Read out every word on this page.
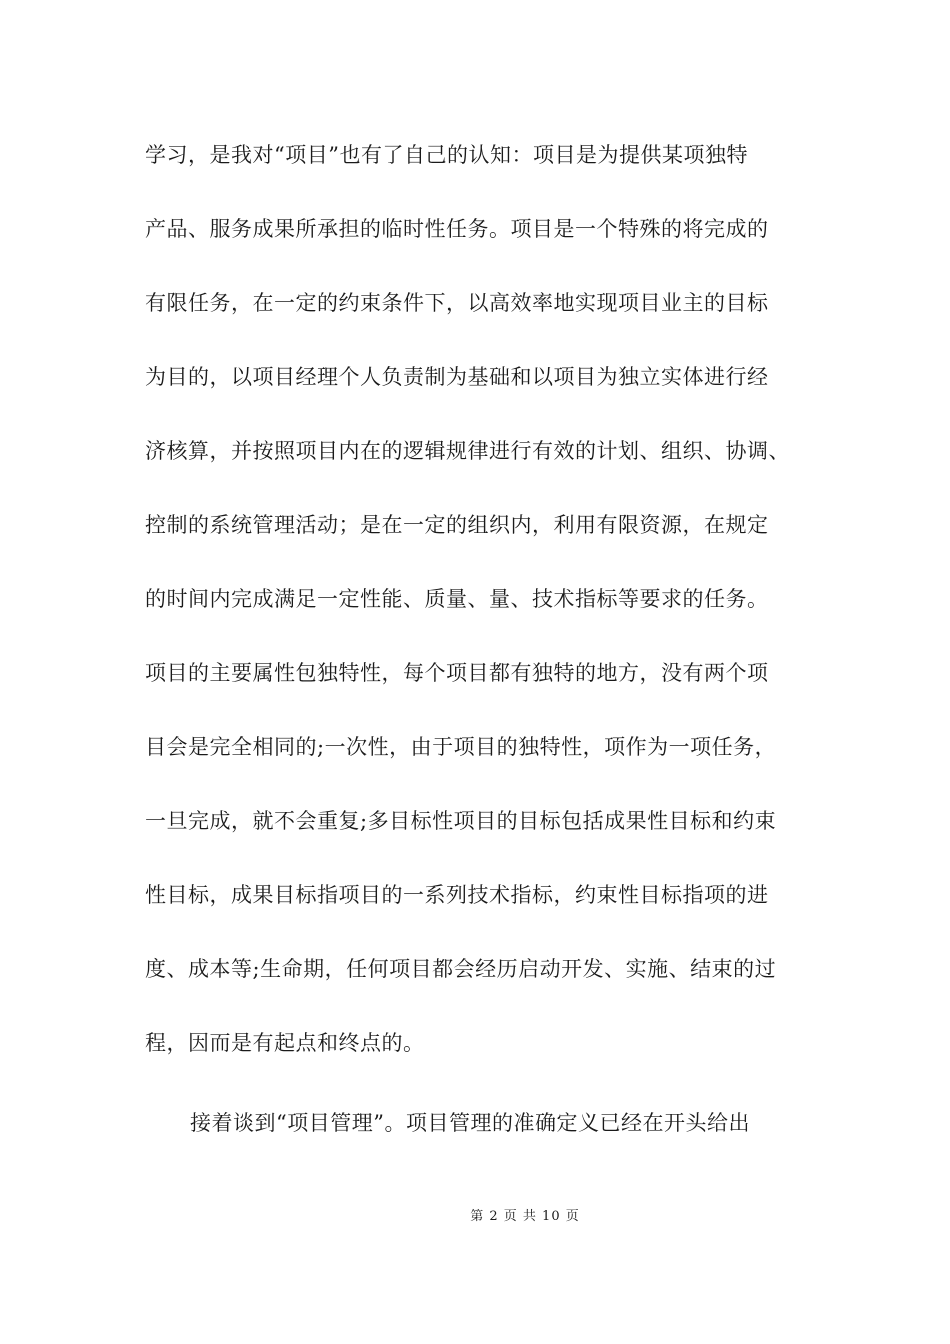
学习，是我对“项目”也有了自己的认知：项目是为提供某项独特
产品、服务成果所承担的临时性任务。项目是一个特殊的将完成的
有限任务，在一定的约束条件下，以高效率地实现项目业主的目标
为目的，以项目经理个人负责制为基础和以项目为独立实体进行经
济核算，并按照项目内在的逻辑规律进行有效的计划、组织、协调、
控制的系统管理活动；是在一定的组织内，利用有限资源，在规定
的时间内完成满足一定性能、质量、量、技术指标等要求的任务。
项目的主要属性包独特性，每个项目都有独特的地方，没有两个项
目会是完全相同的;一次性，由于项目的独特性，项作为一项任务，
一旦完成，就不会重复;多目标性项目的目标包括成果性目标和约束
性目标，成果目标指项目的一系列技术指标，约束性目标指项的进
度、成本等;生命期，任何项目都会经历启动开发、实施、结束的过
程，因而是有起点和终点的。
接着谈到“项目管理”。项目管理的准确定义已经在开头给出
第 2 页 共 10 页
